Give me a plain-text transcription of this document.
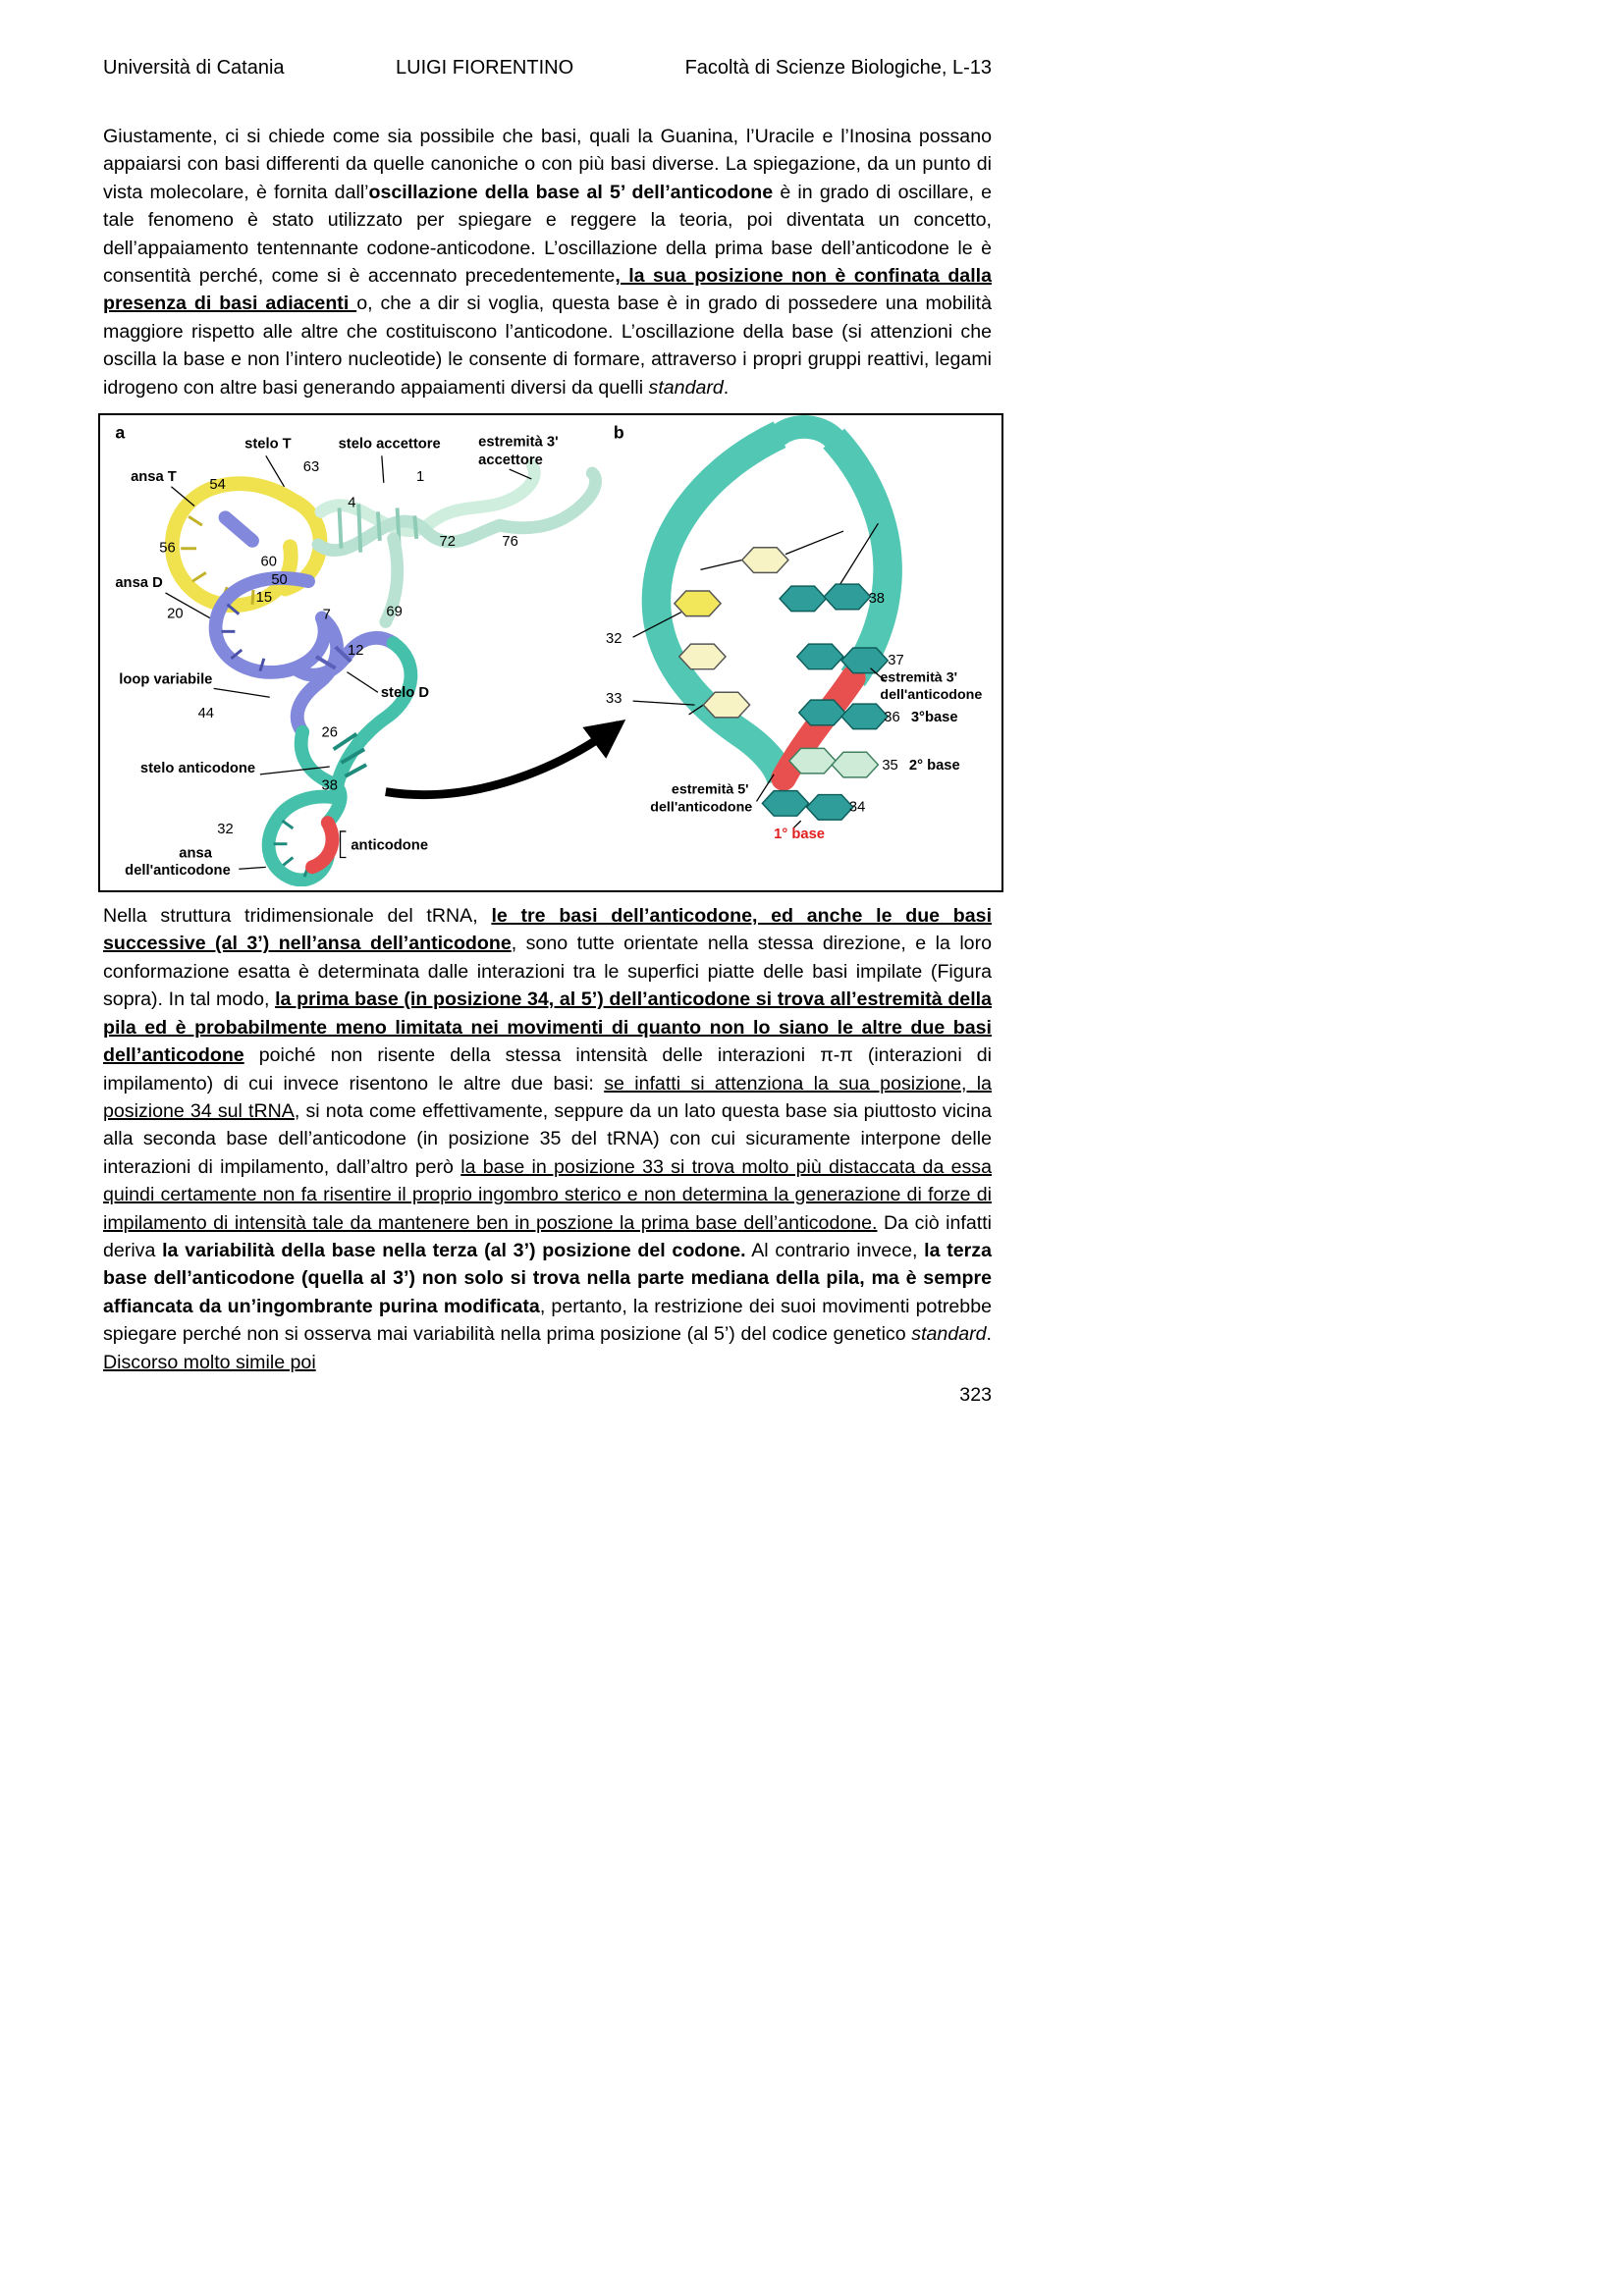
Università di Catania	LUIGI FIORENTINO	Facoltà di Scienze Biologiche, L-13

Giustamente, ci si chiede come sia possibile che basi, quali la Guanina, l’Uracile e l’Inosina possano appaiarsi con basi differenti da quelle canoniche o con più basi diverse. La spiegazione, da un punto di vista molecolare, è fornita dall’oscillazione della base al 5’ dell’anticodone è in grado di oscillare, e tale fenomeno è stato utilizzato per spiegare e reggere la teoria, poi diventata un concetto, dell’appaiamento tentennante codone-anticodone. L’oscillazione della prima base dell’anticodone le è consentità perché, come si è accennato precedentemente, la sua posizione non è confinata dalla presenza di basi adiacenti o, che a dir si voglia, questa base è in grado di possedere una mobilità maggiore rispetto alle altre che costituiscono l’anticodone. L’oscillazione della base (si attenzioni che oscilla la base e non l’intero nucleotide) le consente di formare, attraverso i propri gruppi reattivi, legami idrogeno con altre basi generando appaiamenti diversi da quelli standard.

a
stelo T
63
stelo accettore	estremità 3'
accettore
ansa T 54	1
4
56
60
50
15
72	76
ansa D
20	7	69
12
loop variabile
stelo D
44
26
stelo anticodone
38
32
anticodone
ansa
dell'anticodone
b
38
32
37
estremità 3'
dell'anticodone
33
36 3°base
35 2° base
estremità 5'
dell'anticodone	34
1° base

Nella struttura tridimensionale del tRNA, le tre basi dell’anticodone, ed anche le due basi successive (al 3’) nell’ansa dell’anticodone, sono tutte orientate nella stessa direzione, e la loro conformazione esatta è determinata dalle interazioni tra le superfici piatte delle basi impilate (Figura sopra). In tal modo, la prima base (in posizione 34, al 5’) dell’anticodone si trova all’estremità della pila ed è probabilmente meno limitata nei movimenti di quanto non lo siano le altre due basi dell’anticodone poiché non risente della stessa intensità delle interazioni π-π (interazioni di impilamento) di cui invece risentono le altre due basi: se infatti si attenziona la sua posizione, la posizione 34 sul tRNA, si nota come effettivamente, seppure da un lato questa base sia piuttosto vicina alla seconda base dell’anticodone (in posizione 35 del tRNA) con cui sicuramente interpone delle interazioni di impilamento, dall’altro però la base in posizione 33 si trova molto più distaccata da essa quindi certamente non fa risentire il proprio ingombro sterico e non determina la generazione di forze di impilamento di intensità tale da mantenere ben in poszione la prima base dell’anticodone. Da ciò infatti deriva la variabilità della base nella terza (al 3’) posizione del codone. Al contrario invece, la terza base dell’anticodone (quella al 3’) non solo si trova nella parte mediana della pila, ma è sempre affiancata da un’ingombrante purina modificata, pertanto, la restrizione dei suoi movimenti potrebbe spiegare perché non si osserva mai variabilità nella prima posizione (al 5’) del codice genetico standard. Discorso molto simile poi

323
